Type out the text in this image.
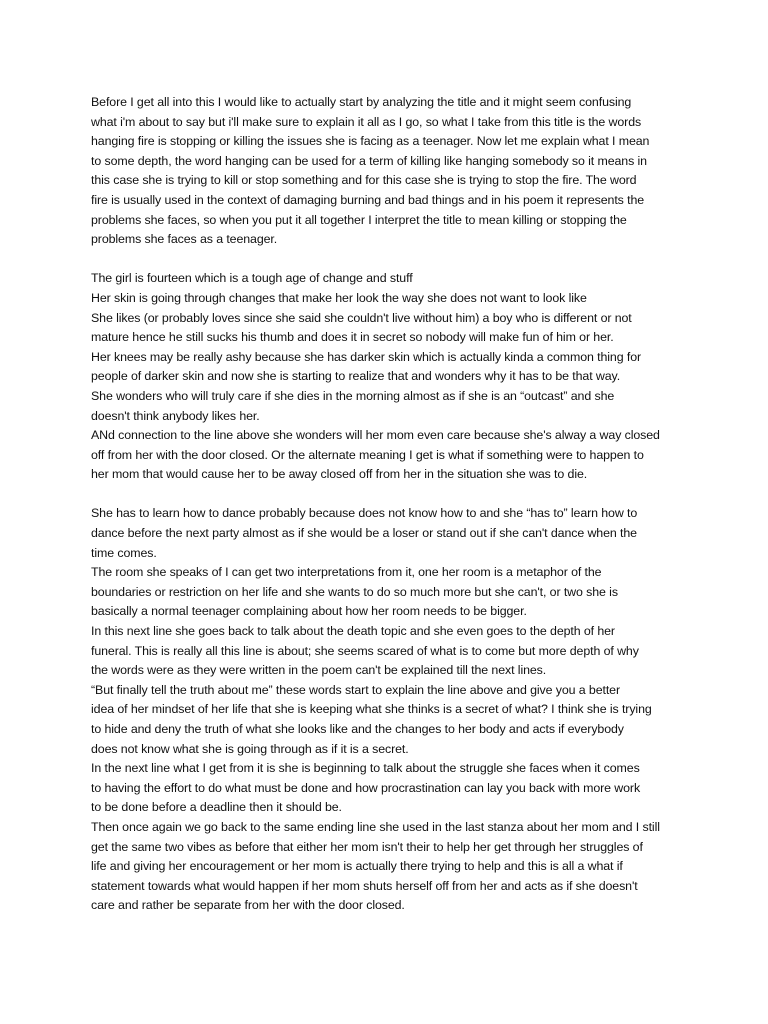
Before I get all into this I would like to actually start by analyzing the title and it might seem confusing
what i'm about to say but i'll make sure to explain it all as I go, so what I take from this title is the words
hanging fire is stopping or killing the issues she is facing as a teenager. Now let me explain what I mean
to some depth, the word hanging can be used for a term of killing like hanging somebody so it means in
this case she is trying to kill or stop something and for this case she is trying to stop the fire. The word
fire is usually used in the context of damaging burning and bad things and in his poem it represents the
problems she faces, so when you put it all together I interpret the title to mean killing or stopping the
problems she faces as a teenager.

The girl is fourteen which is a tough age of change and stuff
Her skin is going through changes that make her look the way she does not want to look like
She likes (or probably loves since she said she couldn't live without him) a boy who is different or not
mature hence he still sucks his thumb and does it in secret so nobody will make fun of him or her.
Her knees may be really ashy because she has darker skin which is actually kinda a common thing for
people of darker skin and now she is starting to realize that and wonders why it has to be that way.
She wonders who will truly care if she dies in the morning almost as if she is an “outcast” and she
doesn't think anybody likes her.
ANd connection to the line above she wonders will her mom even care because she's alway a way closed
off from her with the door closed. Or the alternate meaning I get is what if something were to happen to
her mom that would cause her to be away closed off from her in the situation she was to die.

She has to learn how to dance probably because does not know how to and she “has to” learn how to
dance before the next party almost as if she would be a loser or stand out if she can't dance when the
time comes.
The room she speaks of I can get two interpretations from it, one her room is a metaphor of the
boundaries or restriction on her life and she wants to do so much more but she can't, or two she is
basically a normal teenager complaining about how her room needs to be bigger.
In this next line she goes back to talk about the death topic and she even goes to the depth of her
funeral. This is really all this line is about; she seems scared of what is to come but more depth of why
the words were as they were written in the poem can't be explained till the next lines.
“But finally tell the truth about me” these words start to explain the line above and give you a better
idea of her mindset of her life that she is keeping what she thinks is a secret of what? I think she is trying
to hide and deny the truth of what she looks like and the changes to her body and acts if everybody
does not know what she is going through as if it is a secret.
In the next line what I get from it is she is beginning to talk about the struggle she faces when it comes
to having the effort to do what must be done and how procrastination can lay you back with more work
to be done before a deadline then it should be.
Then once again we go back to the same ending line she used in the last stanza about her mom and I still
get the same two vibes as before that either her mom isn't their to help her get through her struggles of
life and giving her encouragement or her mom is actually there trying to help and this is all a what if
statement towards what would happen if her mom shuts herself off from her and acts as if she doesn't
care and rather be separate from her with the door closed.
